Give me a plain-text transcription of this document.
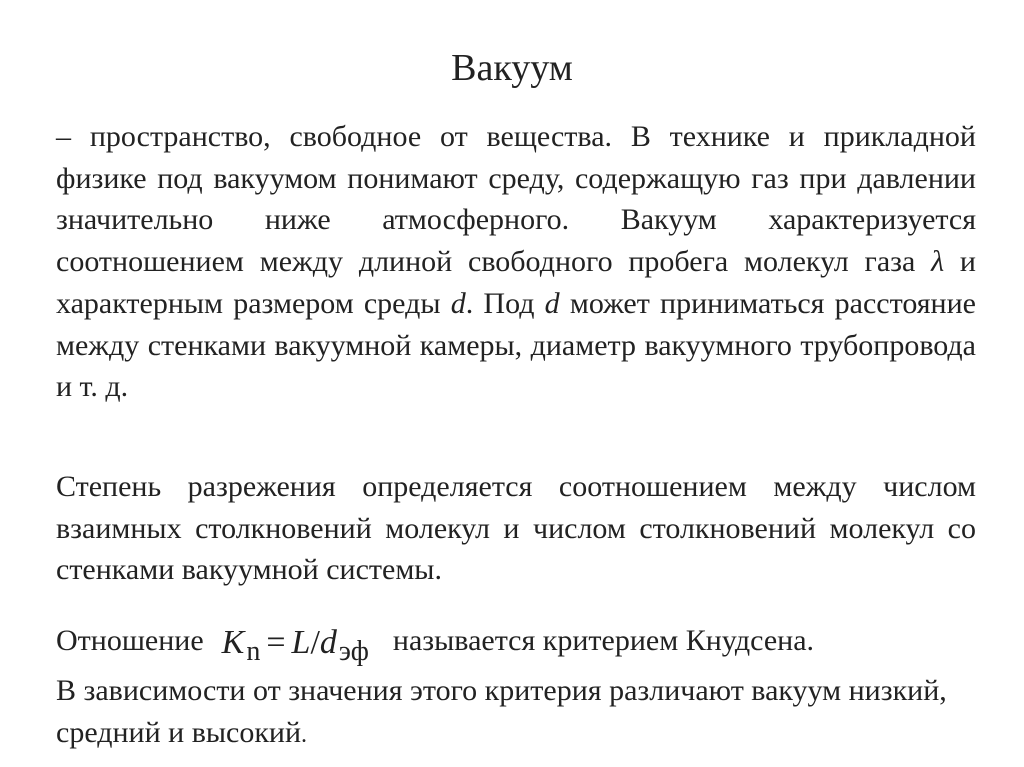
Вакуум

– пространство, свободное от вещества. В технике и прикладной физике под вакуумом понимают среду, содержащую газ при давлении значительно ниже атмосферного. Вакуум характеризуется соотношением между длиной свободного пробега молекул газа λ и характерным размером среды d. Под d может приниматься расстояние между стенками вакуумной камеры, диаметр вакуумного трубопровода и т. д.

Степень разрежения определяется соотношением между числом взаимных столкновений молекул и числом столкновений молекул со стенками вакуумной системы.

Отношение $K_n = L/d_{эф}$ называется критерием Кнудсена.
В зависимости от значения этого критерия различают вакуум низкий, средний и высокий.
